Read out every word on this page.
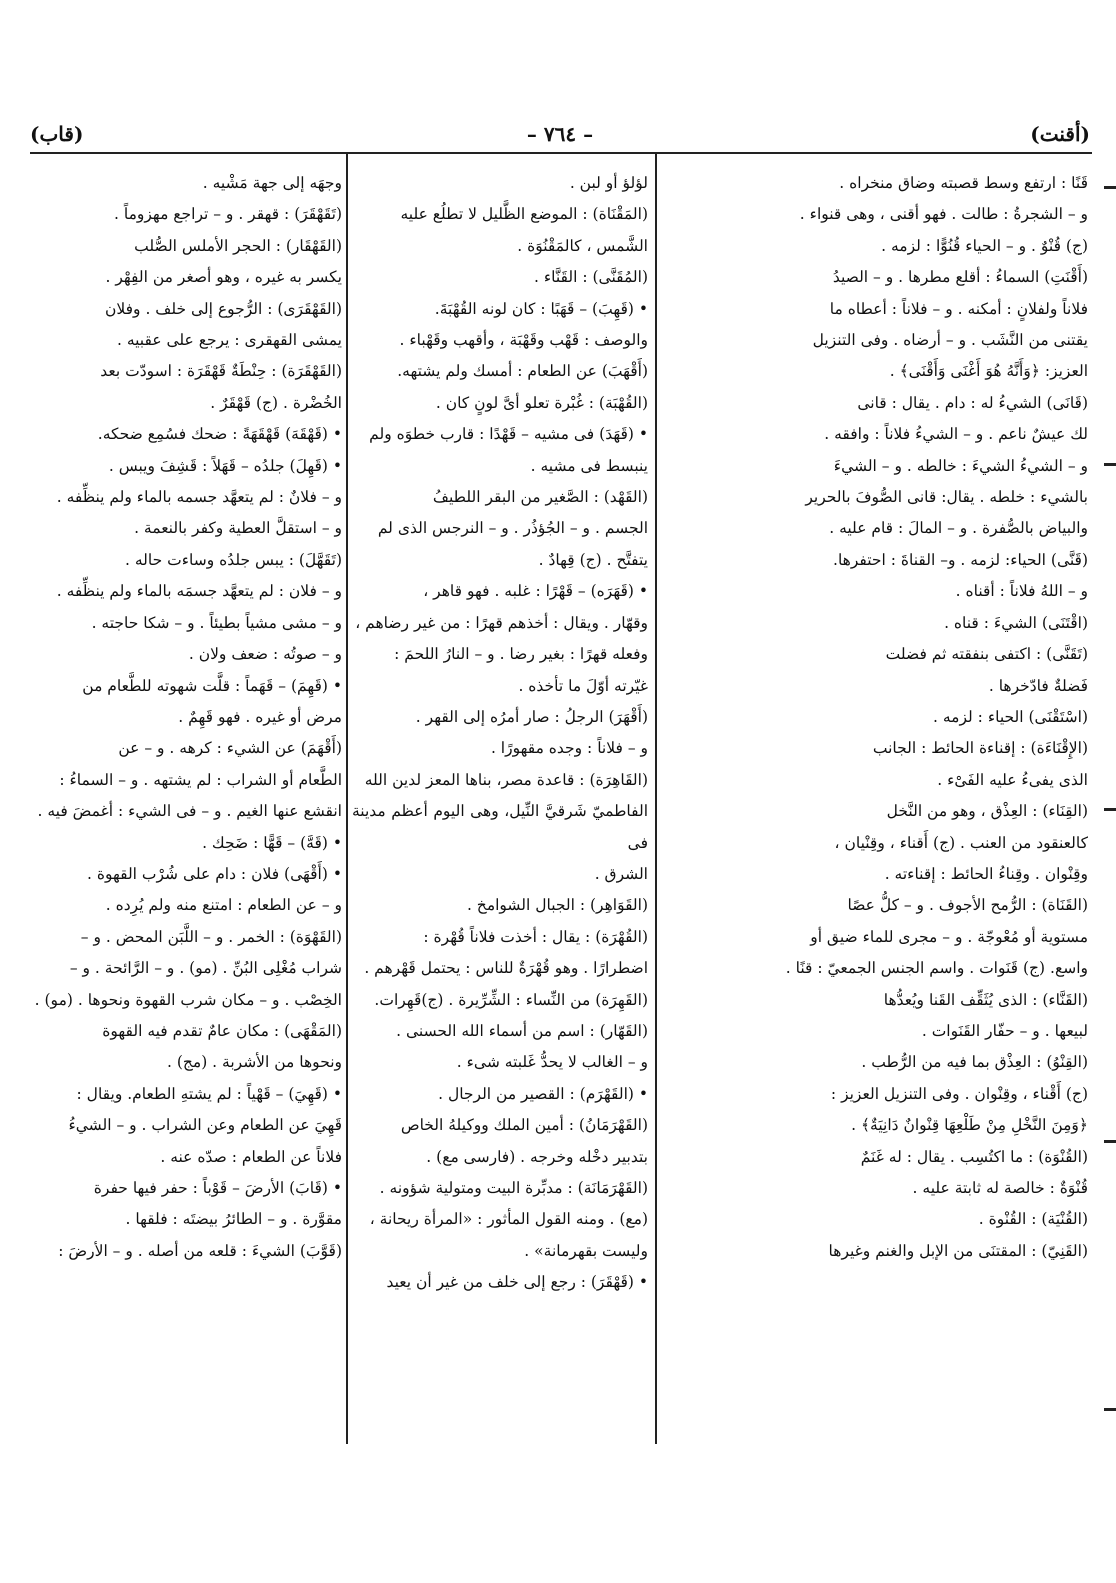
(أقنت)
– ٧٦٤ –
(قاب)

قَنًا : ارتفع وسط قصبته وضاق منخراه .

و – الشجرةُ : طالت . فهو أقنى ، وهى قنواء .

(ج) قُنْوٌ . و – الحياء قُنُوًّا : لزمه .

(أَقْنَتِ) السماءُ : أقلع مطرها . و – الصيدُ

فلاناً ولفلانٍ : أمكنه . و – فلاناً : أعطاه ما

يقتنى من النَّشَب . و – أرضاه . وفى التنزيل

العزيز: ﴿وَأَنَّهُ هُوَ أَغْنَى وَأَقْنَى﴾ .

(قَانَى) الشيءُ له : دام . يقال : قانى

لك عيشٌ ناعم . و – الشيءُ فلاناً : وافقه .

و – الشيءُ الشيءَ : خالطه . و – الشيءَ

بالشيء : خلطه . يقال: قانى الصُّوفَ بالحرير

والبياض بالصُّفرة . و – المالَ : قام عليه .

(قَنَّى) الحياء: لزمه . و– القناةَ : احتفرها.

و – اللهُ فلاناً : أقناه .

(اقْتَنَى) الشيءَ : قناه .

(تَقَنَّى) : اكتفى بنفقته ثم فضلت

فَضلةٌ فادّخرها .

(اسْتَقْنَى) الحياء : لزمه .

(الإِقْنَاءَة) : إقناءة الحائط : الجانب

الذى يفىءُ عليه الفَىْء .

(القِنَاء) : العِذْق ، وهو من النَّخل

كالعنقود من العنب . (ج) أَقناء ، وقِنْيان ،

وقِنْوان . وقِناءُ الحائط : إقناءته .

(القَنَاة) : الرُّمح الأجوف . و – كلُّ عصًا

مستوية أو مُعْوجّة . و – مجرى للماء ضيق أو

واسع. (ج) قَنَوات . واسم الجنس الجمعيّ : قنًا .

(القَنَّاء) : الذى يُثَقِّف القَنا ويُعدُّها

لبيعها . و – حفّار القَنَوات .

(القِنْوُ) : العِذْق بما فيه من الرُّطب .

(ج) أَقْناء ، وقِنْوان . وفى التنزيل العزيز :

﴿وَمِنَ النَّخْلِ مِنْ طَلْعِهَا قِنْوانٌ دَانِيَةٌ﴾ .

(القُنْوَة) : ما اكتُسِب . يقال : له غَنَمٌ

قُنْوَةٌ : خالصة له ثابتة عليه .

(القُنْيَة) : القُنْوة .

(القَنِيّ) : المقتنَى من الإبل والغنم وغيرها

لؤلؤ أو لبن .

(المَقْنَاة) : الموضع الظَّليل لا تطلُع عليه

الشَّمس ، كالمَقْنُوَة .

(المُقَنَّى) : القَنَّاء .

• (قَهِبَ) – قَهَبًا : كان لونه القُهْبَةَ.

والوصف : قَهْب وقَهْبَة ، وأقهب وقَهْباء .

(أَقْهَبَ) عن الطعام : أمسك ولم يشتهه.

(القُهْبَة) : غُبْرة تعلو أىَّ لونٍ كان .

• (قَهَدَ) فى مشيه – قَهْدًا : قارب خطوَه ولم

ينبسط فى مشيه .

(القَهْد) : الصَّغير من البقر اللطيفُ

الجسم . و – الجُؤذُر . و – النرجس الذى لم

يتفتَّح . (ج) قِهادٌ .

• (قَهَرَه) – قَهْرًا : غلبه . فهو قاهر ،

وقهّار . ويقال : أخذهم قهرًا : من غير رضاهم ،

وفعله قهرًا : بغير رضا . و – النارُ اللحمَ :

غيّرته أوّلَ ما تأخذه .

(أَقْهَرَ) الرجلُ : صار أمرُه إلى القهر .

و – فلاناً : وجده مقهورًا .

(القَاهِرَة) : قاعدة مصر، بناها المعز لدين الله

الفاطميّ شَرقيَّ النِّيل، وهى اليوم أعظم مدينة فى

الشرق .

(القَوَاهِر) : الجبال الشوامخ .

(القُهْرَة) : يقال : أخذت فلاناً قُهْرة :

اضطرارًا . وهو قُهْرَةٌ للناس : يحتمل قَهْرهم .

(القَهِرَة) من النِّساء : الشِّرِّيرة . (ج)قَهِرات.

(القَهّار) : اسم من أسماء الله الحسنى .

و – الغالب لا يحدُّ غَلبته شىء .

• (القَهْرَم) : القصير من الرجال .

(القَهْرَمَانُ) : أمين الملك ووكيلهُ الخاص

بتدبير دخْله وخرجه . (فارسى مع) .

(القَهْرَمَانَة) : مدبِّرة البيت ومتولية شؤونه .

(مع) . ومنه القول المأثور : «المرأة ريحانة ،

وليست بقهرمانة» .

• (قَهْقَرَ) : رجع إلى خلف من غير أن يعيد

وجهَه إلى جهة مَشْيه .

(تَقَهْقَرَ) : قهقر . و – تراجع مهزوماً .

(القَهْقَار) : الحجر الأملس الصُّلب

يكسر به غيره ، وهو أصغر من الفِهْر .

(القَهْقَرَى) : الرُّجوع إلى خلف . وفلان

يمشى القهقرى : يرجع على عقبيه .

(القَهْقَرَة) : حِنْطَةٌ قَهْقَرَة : اسودّت بعد

الخُضْرة . (ج) قَهْقَرٌ .

• (قَهْقَهَ) قَهْقَهَةً : ضحك فسُمِع ضحكه.

• (قَهِلَ) جلدُه – قَهَلاً : قَشِفَ ويبس .

و – فلانٌ : لم يتعهَّد جسمه بالماء ولم ينظِّفه .

و – استقلَّ العطية وكفر بالنعمة .

(تَقَهَّلَ) : يبس جلدُه وساءت حاله .

و – فلان : لم يتعهَّد جسمَه بالماء ولم ينظِّفه .

و – مشى مشياً بطيئاً . و – شكا حاجته .

و – صوتُه : ضعف ولان .

• (قَهِمَ) – قَهَماً : قلَّت شهوته للطَّعام من

مرض أو غيره . فهو قَهِمٌ .

(أَقْهَمَ) عن الشيء : كرهه . و – عن

الطَّعام أو الشراب : لم يشتهه . و – السماءُ :

انقشع عنها الغيم . و – فى الشيء : أغمضَ فيه .

• (قَهَّ) – قَهًّا : ضَحِك .

• (أَقْهَى) فلان : دام على شُرْب القهوة .

و – عن الطعام : امتنع منه ولم يُرِده .

(القَهْوَة) : الخمر . و – اللَّبَن المحض . و –

شراب مُغْلِى البُنِّ . (مو) . و – الرَّائحة . و –

الخِصْب . و – مكان شرب القهوة ونحوها . (مو) .

(المَقْهَى) : مكان عامٌ تقدم فيه القهوة

ونحوها من الأشربة . (مج) .

• (قَهِيَ) – قَهْياً : لم يشتهِ الطعام. ويقال :

قَهِيَ عن الطعام وعن الشراب . و – الشيءُ

فلاناً عن الطعام : صدّه عنه .

• (قَابَ) الأرضَ – قَوْباً : حفر فيها حفرة

مقوَّرة . و – الطائرُ بيضتَه : فلقها .

(قَوَّبَ) الشيءَ : قلعه من أصله . و – الأرضَ :
